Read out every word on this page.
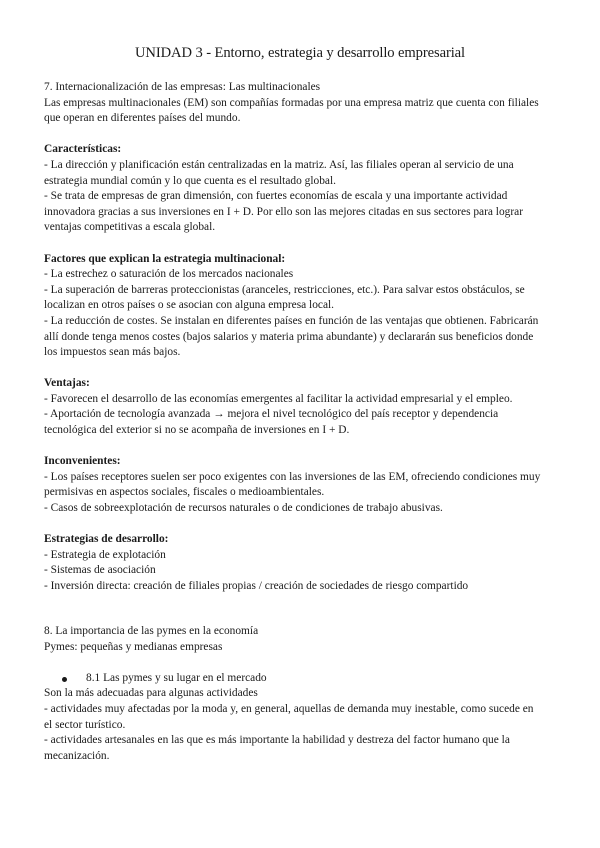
UNIDAD 3 - Entorno, estrategia y desarrollo empresarial
7. Internacionalización de las empresas: Las multinacionales
Las empresas multinacionales (EM) son compañías formadas por una empresa matriz que cuenta con filiales
que operan en diferentes países del mundo.
Características:
- La dirección y planificación están centralizadas en la matriz. Así, las filiales operan al servicio de una
estrategia mundial común y lo que cuenta es el resultado global.
- Se trata de empresas de gran dimensión, con fuertes economías de escala y una importante actividad
innovadora gracias a sus inversiones en I + D. Por ello son las mejores citadas en sus sectores para lograr
ventajas competitivas a escala global.
Factores que explican la estrategia multinacional:
- La estrechez o saturación de los mercados nacionales
- La superación de barreras proteccionistas (aranceles, restricciones, etc.). Para salvar estos obstáculos, se
localizan en otros países o se asocian con alguna empresa local.
- La reducción de costes. Se instalan en diferentes países en función de las ventajas que obtienen. Fabricarán
allí donde tenga menos costes (bajos salarios y materia prima abundante) y declararán sus beneficios donde
los impuestos sean más bajos.
Ventajas:
- Favorecen el desarrollo de las economías emergentes al facilitar la actividad empresarial y el empleo.
- Aportación de tecnología avanzada → mejora el nivel tecnológico del país receptor y dependencia
tecnológica del exterior si no se acompaña de inversiones en I + D.
Inconvenientes:
- Los países receptores suelen ser poco exigentes con las inversiones de las EM, ofreciendo condiciones muy
permisivas en aspectos sociales, fiscales o medioambientales.
- Casos de sobreexplotación de recursos naturales o de condiciones de trabajo abusivas.
Estrategias de desarrollo:
- Estrategia de explotación
- Sistemas de asociación
- Inversión directa: creación de filiales propias / creación de sociedades de riesgo compartido
8. La importancia de las pymes en la economía
Pymes: pequeñas y medianas empresas
8.1 Las pymes y su lugar en el mercado
Son la más adecuadas para algunas actividades
- actividades muy afectadas por la moda y, en general, aquellas de demanda muy inestable, como sucede en
el sector turístico.
- actividades artesanales en las que es más importante la habilidad y destreza del factor humano que la
mecanización.
